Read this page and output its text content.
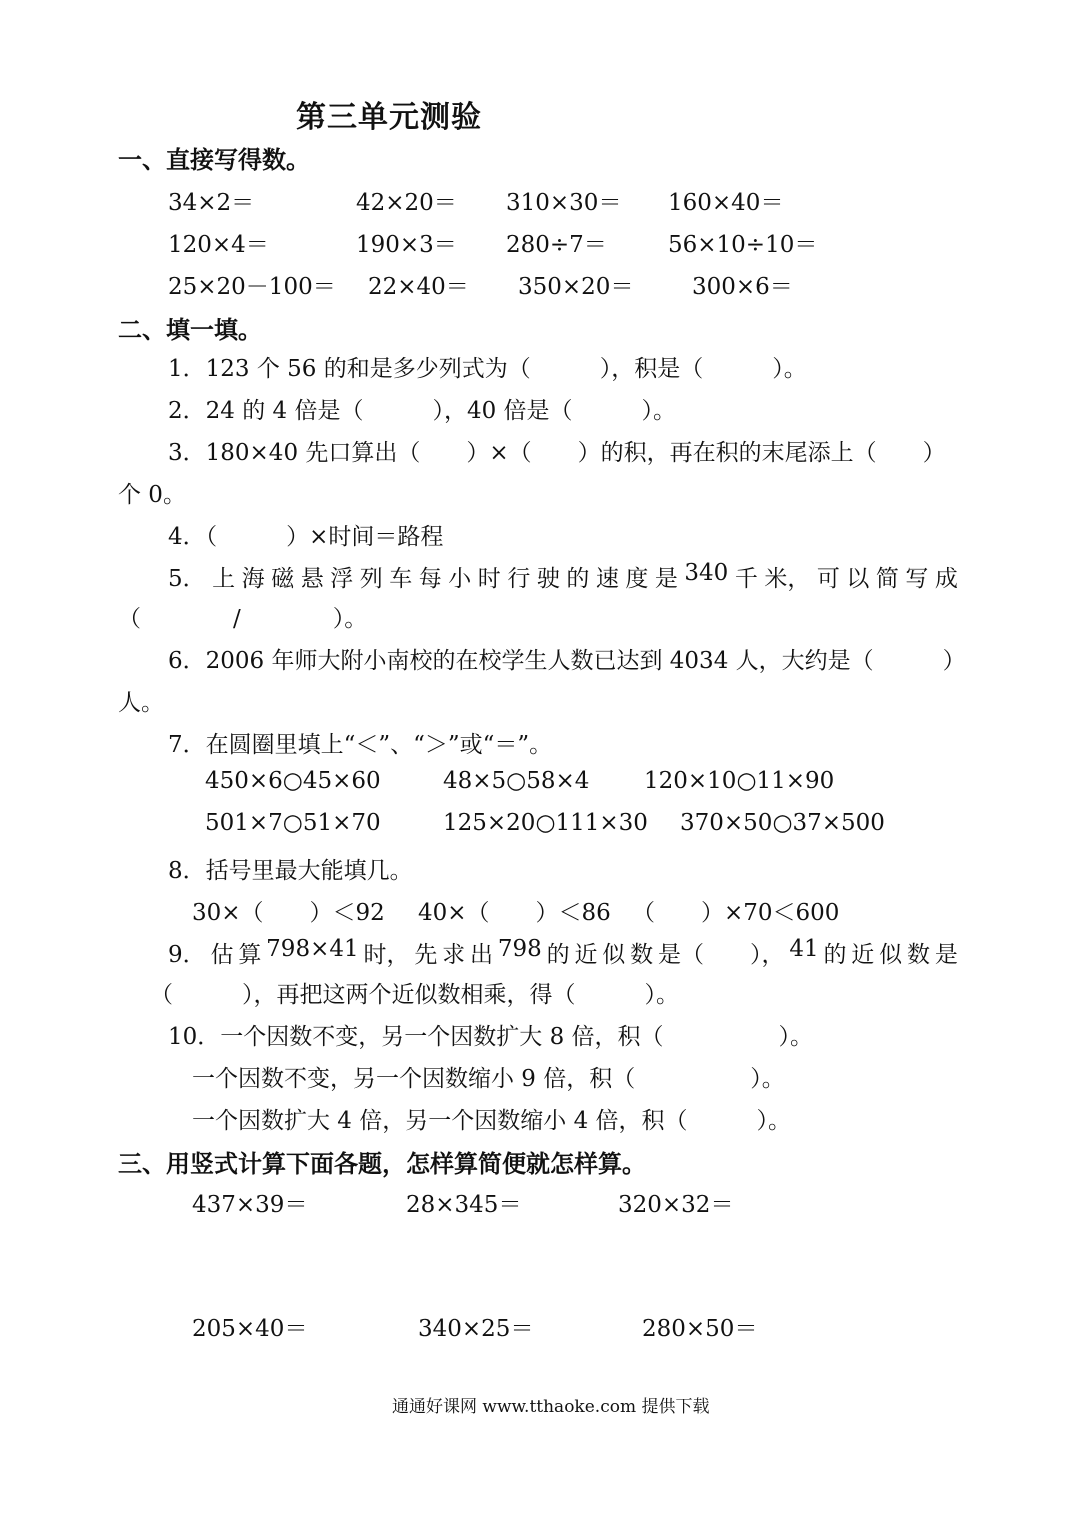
第三单元测验
一、直接写得数。
34×2＝	42×20＝ 310×30＝ 160×40＝
120×4＝	190×3＝ 280÷7＝	56×10÷10＝
25×20－100＝ 22×40＝ 350×20＝	300×6＝
二、填一填。
1．123 个 56 的和是多少列式为（　　　），积是（　　　）。
2．24 的 4 倍是（　　　），40 倍是（　　　）。
3．180×40 先口算出（　　）×（　　）的积，再在积的末尾添上（　　）
个 0。
4．（　　　）×时间＝路程
5． 上 海 磁 悬 浮 列 车 每 小 时 行 驶 的 速 度 是 340 千 米， 可 以 简 写 成
（　　　　/　　　　）。
6．2006 年师大附小南校的在校学生人数已达到 4034 人，大约是（　　　）
人。
7．在圆圈里填上“＜”、“＞”或“＝”。
450×6○45×60	48×5○58×4 120×10○11×90
501×7○51×70	125×20○111×30 370×50○37×500
8．括号里最大能填几。
30×（　　）＜92 40×（　　）＜86 （　　）×70＜600
9． 估 算 798×41 时， 先 求 出 798 的 近 似 数 是（　　）， 41 的 近 似 数 是
（　　　），再把这两个近似数相乘，得（　　　）。
10．一个因数不变，另一个因数扩大 8 倍，积（　　　　　）。
一个因数不变，另一个因数缩小 9 倍，积（　　　　　）。
一个因数扩大 4 倍，另一个因数缩小 4 倍，积（　　　）。
三、用竖式计算下面各题，怎样算简便就怎样算。
437×39＝	28×345＝	320×32＝
205×40＝	340×25＝	280×50＝
通通好课网 www.tthaoke.com 提供下载
